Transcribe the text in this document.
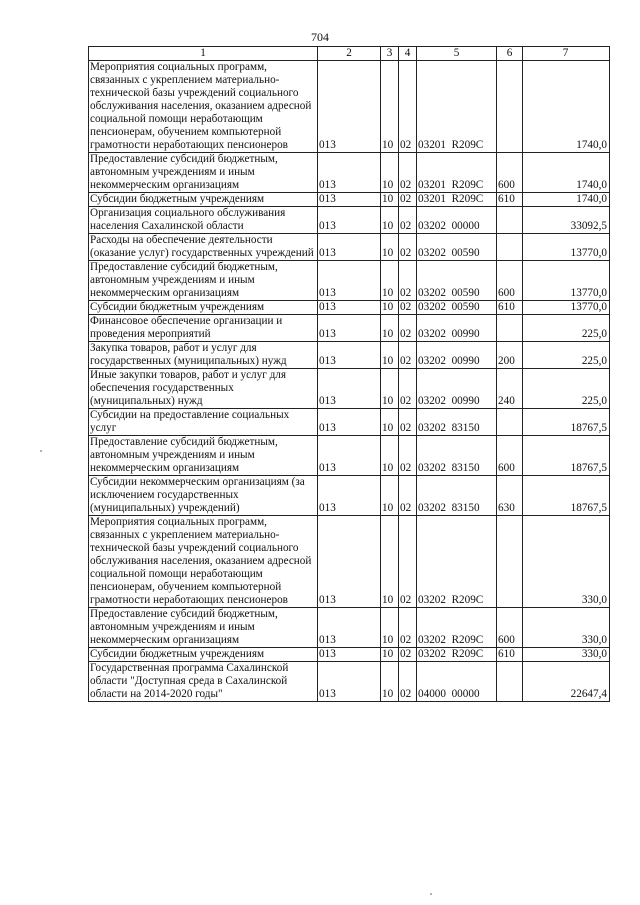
704
1	2	3	4	5	6	7
Мероприятия социальных программ, связанных с укреплением материально-технической базы учреждений социального обслуживания населения, оказанием адресной социальной помощи неработающим пенсионерам, обучением компьютерной грамотности неработающих пенсионеров	013	10	02	03201  R209C		1740,0
Предоставление субсидий бюджетным, автономным учреждениям и иным некоммерческим организациям	013	10	02	03201  R209C	600	1740,0
Субсидии бюджетным учреждениям	013	10	02	03201  R209C	610	1740,0
Организация социального обслуживания населения Сахалинской области	013	10	02	03202  00000		33092,5
Расходы на обеспечение деятельности (оказание услуг) государственных учреждений	013	10	02	03202  00590		13770,0
Предоставление субсидий бюджетным, автономным учреждениям и иным некоммерческим организациям	013	10	02	03202  00590	600	13770,0
Субсидии бюджетным учреждениям	013	10	02	03202  00590	610	13770,0
Финансовое обеспечение организации и проведения мероприятий	013	10	02	03202  00990		225,0
Закупка товаров, работ и услуг для государственных (муниципальных) нужд	013	10	02	03202  00990	200	225,0
Иные закупки товаров, работ и услуг для обеспечения государственных (муниципальных) нужд	013	10	02	03202  00990	240	225,0
Субсидии на предоставление социальных услуг	013	10	02	03202  83150		18767,5
Предоставление субсидий бюджетным, автономным учреждениям и иным некоммерческим организациям	013	10	02	03202  83150	600	18767,5
Субсидии некоммерческим организациям (за исключением государственных (муниципальных) учреждений)	013	10	02	03202  83150	630	18767,5
Мероприятия социальных программ, связанных с укреплением материально-технической базы учреждений социального обслуживания населения, оказанием адресной социальной помощи неработающим пенсионерам, обучением компьютерной грамотности неработающих пенсионеров	013	10	02	03202  R209C		330,0
Предоставление субсидий бюджетным, автономным учреждениям и иным некоммерческим организациям	013	10	02	03202  R209C	600	330,0
Субсидии бюджетным учреждениям	013	10	02	03202  R209C	610	330,0
Государственная программа Сахалинской области "Доступная среда в Сахалинской области на 2014-2020 годы"	013	10	02	04000  00000		22647,4
